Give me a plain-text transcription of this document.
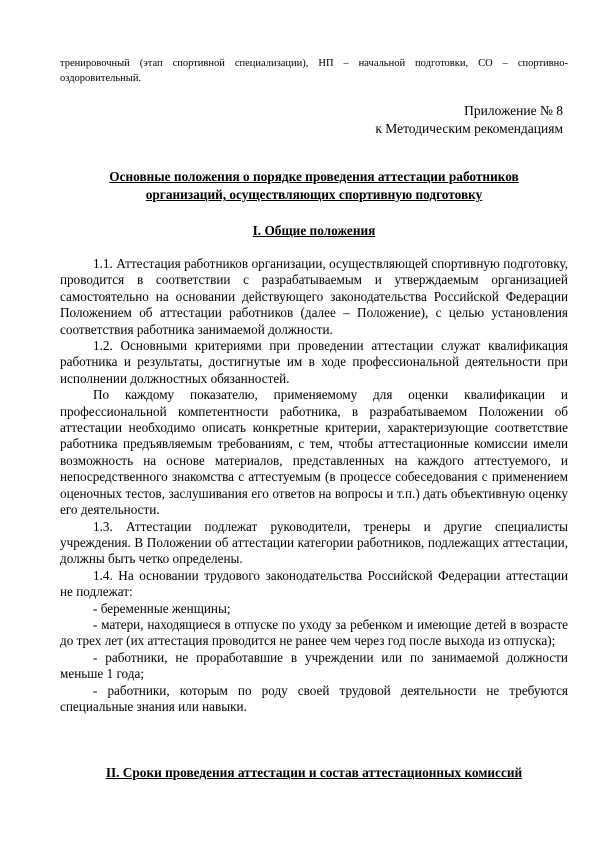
тренировочный (этап спортивной специализации), НП – начальной подготовки, СО – спортивно-оздоровительный.
Приложение № 8
к Методическим рекомендациям
Основные положения о порядке проведения аттестации работников
организаций, осуществляющих спортивную подготовку
I. Общие положения

1.1. Аттестация работников организации, осуществляющей спортивную подготовку, проводится в соответствии с разрабатываемым и утверждаемым организацией самостоятельно на основании действующего законодательства Российской Федерации Положением об аттестации работников (далее – Положение), с целью установления соответствия работника занимаемой должности.

1.2. Основными критериями при проведении аттестации служат квалификация работника и результаты, достигнутые им в ходе профессиональной деятельности при исполнении должностных обязанностей.

По каждому показателю, применяемому для оценки квалификации и профессиональной компетентности работника, в разрабатываемом Положении об аттестации необходимо описать конкретные критерии, характеризующие соответствие работника предъявляемым требованиям, с тем, чтобы аттестационные комиссии имели возможность на основе материалов, представленных на каждого аттестуемого, и непосредственного знакомства с аттестуемым (в процессе собеседования с применением оценочных тестов, заслушивания его ответов на вопросы и т.п.) дать объективную оценку его деятельности.

1.3. Аттестации подлежат руководители, тренеры и другие специалисты учреждения. В Положении об аттестации категории работников, подлежащих аттестации, должны быть четко определены.

1.4. На основании трудового законодательства Российской Федерации аттестации не подлежат:

- беременные женщины;

- матери, находящиеся в отпуске по уходу за ребенком и имеющие детей в возрасте до трех лет (их аттестация проводится не ранее чем через год после выхода из отпуска);

- работники, не проработавшие в учреждении или по занимаемой должности меньше 1 года;

- работники, которым по роду своей трудовой деятельности не требуются специальные знания или навыки.

II. Сроки проведения аттестации и состав аттестационных комиссий
